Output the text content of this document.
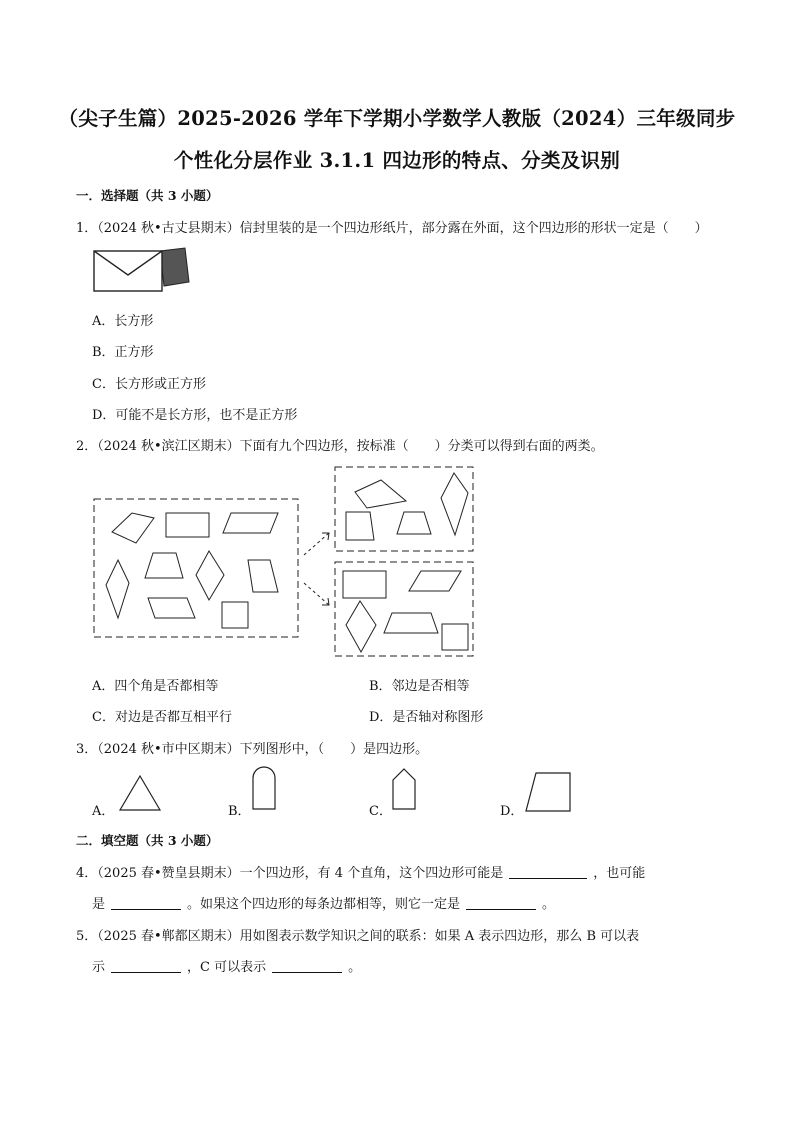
（尖子生篇）2025-2026 学年下学期小学数学人教版（2024）三年级同步
个性化分层作业 3.1.1 四边形的特点、分类及识别
一．选择题（共 3 小题）
1．（2024 秋•古丈县期末）信封里装的是一个四边形纸片，部分露在外面，这个四边形的形状一定是（　　）
A．长方形
B．正方形
C．长方形或正方形
D．可能不是长方形，也不是正方形
2．（2024 秋•滨江区期末）下面有九个四边形，按标准（　　）分类可以得到右面的两类。
A．四个角是否都相等	B．邻边是否相等
C．对边是否都互相平行	D．是否轴对称图形
3．（2024 秋•市中区期末）下列图形中，（　　）是四边形。
A．	B．	C．	D．
二．填空题（共 3 小题）
4．（2025 春•赞皇县期末）一个四边形，有 4 个直角，这个四边形可能是	，也可能
是	。如果这个四边形的每条边都相等，则它一定是	。
5．（2025 春•郸都区期末）用如图表示数学知识之间的联系：如果 A 表示四边形，那么 B 可以表
示	，C 可以表示	。
